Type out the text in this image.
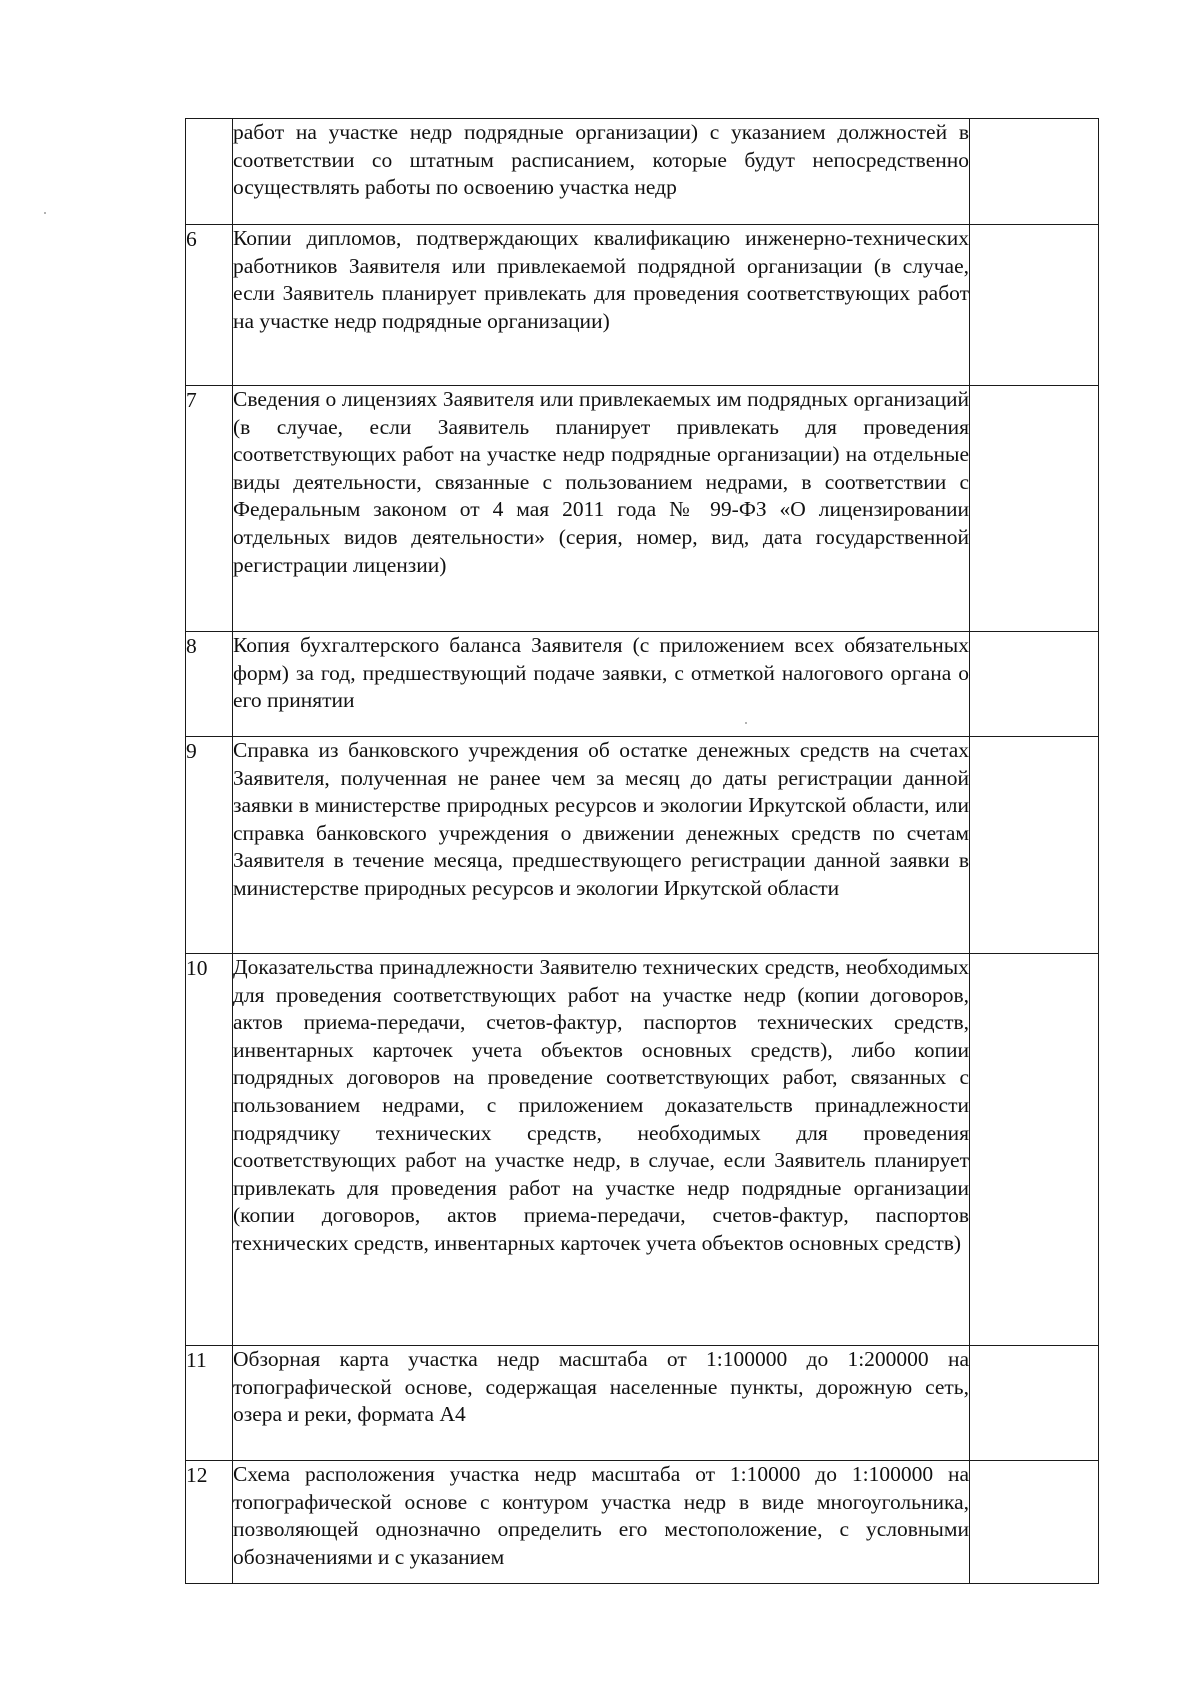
	работ на участке недр подрядные организации) с указанием должностей в соответствии со штатным расписанием, которые будут непосредственно осуществлять работы по освоению участка недр	
6	Копии дипломов, подтверждающих квалификацию инженерно-технических работников Заявителя или привлекаемой подрядной организации (в случае, если Заявитель планирует привлекать для проведения соответствующих работ на участке недр подрядные организации)	
7	Сведения о лицензиях Заявителя или привлекаемых им подрядных организаций (в случае, если Заявитель планирует привлекать для проведения соответствующих работ на участке недр подрядные организации) на отдельные виды деятельности, связанные с пользованием недрами, в соответствии с Федеральным законом от 4 мая 2011 года № 99-ФЗ «О лицензировании отдельных видов деятельности» (серия, номер, вид, дата государственной регистрации лицензии)	
8	Копия бухгалтерского баланса Заявителя (с приложением всех обязательных форм) за год, предшествующий подаче заявки, с отметкой налогового органа о его принятии	
9	Справка из банковского учреждения об остатке денежных средств на счетах Заявителя, полученная не ранее чем за месяц до даты регистрации данной заявки в министерстве природных ресурсов и экологии Иркутской области, или справка банковского учреждения о движении денежных средств по счетам Заявителя в течение месяца, предшествующего регистрации данной заявки в министерстве природных ресурсов и экологии Иркутской области	
10	Доказательства принадлежности Заявителю технических средств, необходимых для проведения соответствующих работ на участке недр (копии договоров, актов приема-передачи, счетов-фактур, паспортов технических средств, инвентарных карточек учета объектов основных средств), либо копии подрядных договоров на проведение соответствующих работ, связанных с пользованием недрами, с приложением доказательств принадлежности подрядчику технических средств, необходимых для проведения соответствующих работ на участке недр, в случае, если Заявитель планирует привлекать для проведения работ на участке недр подрядные организации (копии договоров, актов приема-передачи, счетов-фактур, паспортов технических средств, инвентарных карточек учета объектов основных средств)	
11	Обзорная карта участка недр масштаба от 1:100000 до 1:200000 на топографической основе, содержащая населенные пункты, дорожную сеть, озера и реки, формата А4	
12	Схема расположения участка недр масштаба от 1:10000 до 1:100000 на топографической основе с контуром участка недр в виде многоугольника, позволяющей однозначно определить его местоположение, с условными обозначениями и с указанием	
